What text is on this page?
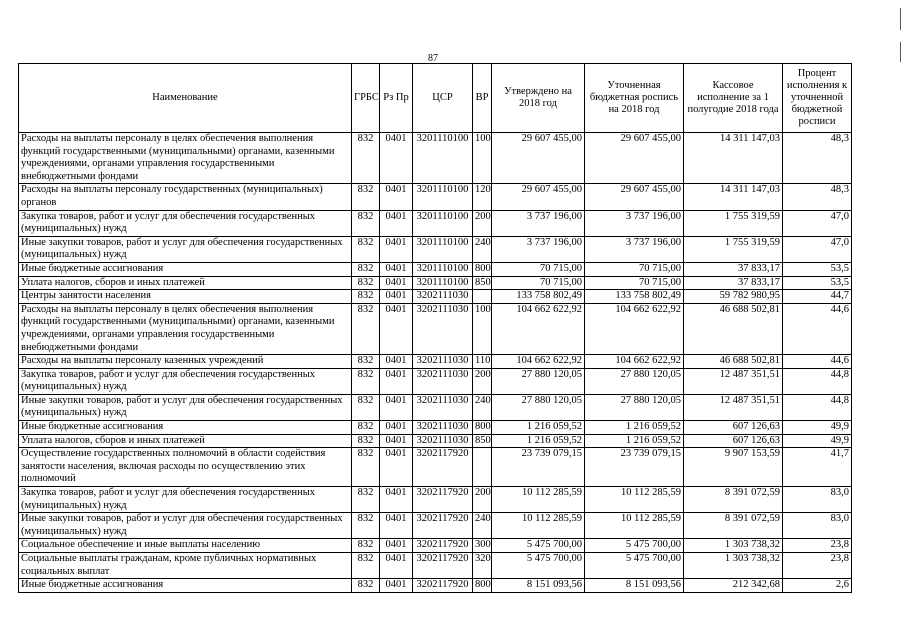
87
Наименование	ГРБС	Рз Пр	ЦСР	ВР	Утверждено на 2018 год	Уточненная бюджетная роспись на 2018 год	Кассовое исполнение за 1 полугодие 2018 года	Процент исполнения к уточненной бюджетной росписи
Расходы на выплаты персоналу в целях обеспечения выполнения функций государственными (муниципальными) органами, казенными учреждениями, органами управления государственными внебюджетными фондами	832	0401	3201110100	100	29 607 455,00	29 607 455,00	14 311 147,03	48,3
Расходы на выплаты персоналу государственных (муниципальных) органов	832	0401	3201110100	120	29 607 455,00	29 607 455,00	14 311 147,03	48,3
Закупка товаров, работ и услуг для обеспечения государственных (муниципальных) нужд	832	0401	3201110100	200	3 737 196,00	3 737 196,00	1 755 319,59	47,0
Иные закупки товаров, работ и услуг для обеспечения государственных (муниципальных) нужд	832	0401	3201110100	240	3 737 196,00	3 737 196,00	1 755 319,59	47,0
Иные бюджетные ассигнования	832	0401	3201110100	800	70 715,00	70 715,00	37 833,17	53,5
Уплата налогов, сборов и иных платежей	832	0401	3201110100	850	70 715,00	70 715,00	37 833,17	53,5
Центры занятости населения	832	0401	3202111030		133 758 802,49	133 758 802,49	59 782 980,95	44,7
Расходы на выплаты персоналу в целях обеспечения выполнения функций государственными (муниципальными) органами, казенными учреждениями, органами управления государственными внебюджетными фондами	832	0401	3202111030	100	104 662 622,92	104 662 622,92	46 688 502,81	44,6
Расходы на выплаты персоналу казенных учреждений	832	0401	3202111030	110	104 662 622,92	104 662 622,92	46 688 502,81	44,6
Закупка товаров, работ и услуг для обеспечения государственных (муниципальных) нужд	832	0401	3202111030	200	27 880 120,05	27 880 120,05	12 487 351,51	44,8
Иные закупки товаров, работ и услуг для обеспечения государственных (муниципальных) нужд	832	0401	3202111030	240	27 880 120,05	27 880 120,05	12 487 351,51	44,8
Иные бюджетные ассигнования	832	0401	3202111030	800	1 216 059,52	1 216 059,52	607 126,63	49,9
Уплата налогов, сборов и иных платежей	832	0401	3202111030	850	1 216 059,52	1 216 059,52	607 126,63	49,9
Осуществление государственных полномочий в области содействия занятости населения, включая расходы по осуществлению этих полномочий	832	0401	3202117920		23 739 079,15	23 739 079,15	9 907 153,59	41,7
Закупка товаров, работ и услуг для обеспечения государственных (муниципальных) нужд	832	0401	3202117920	200	10 112 285,59	10 112 285,59	8 391 072,59	83,0
Иные закупки товаров, работ и услуг для обеспечения государственных (муниципальных) нужд	832	0401	3202117920	240	10 112 285,59	10 112 285,59	8 391 072,59	83,0
Социальное обеспечение и иные выплаты населению	832	0401	3202117920	300	5 475 700,00	5 475 700,00	1 303 738,32	23,8
Социальные выплаты гражданам, кроме публичных нормативных социальных выплат	832	0401	3202117920	320	5 475 700,00	5 475 700,00	1 303 738,32	23,8
Иные бюджетные ассигнования	832	0401	3202117920	800	8 151 093,56	8 151 093,56	212 342,68	2,6
